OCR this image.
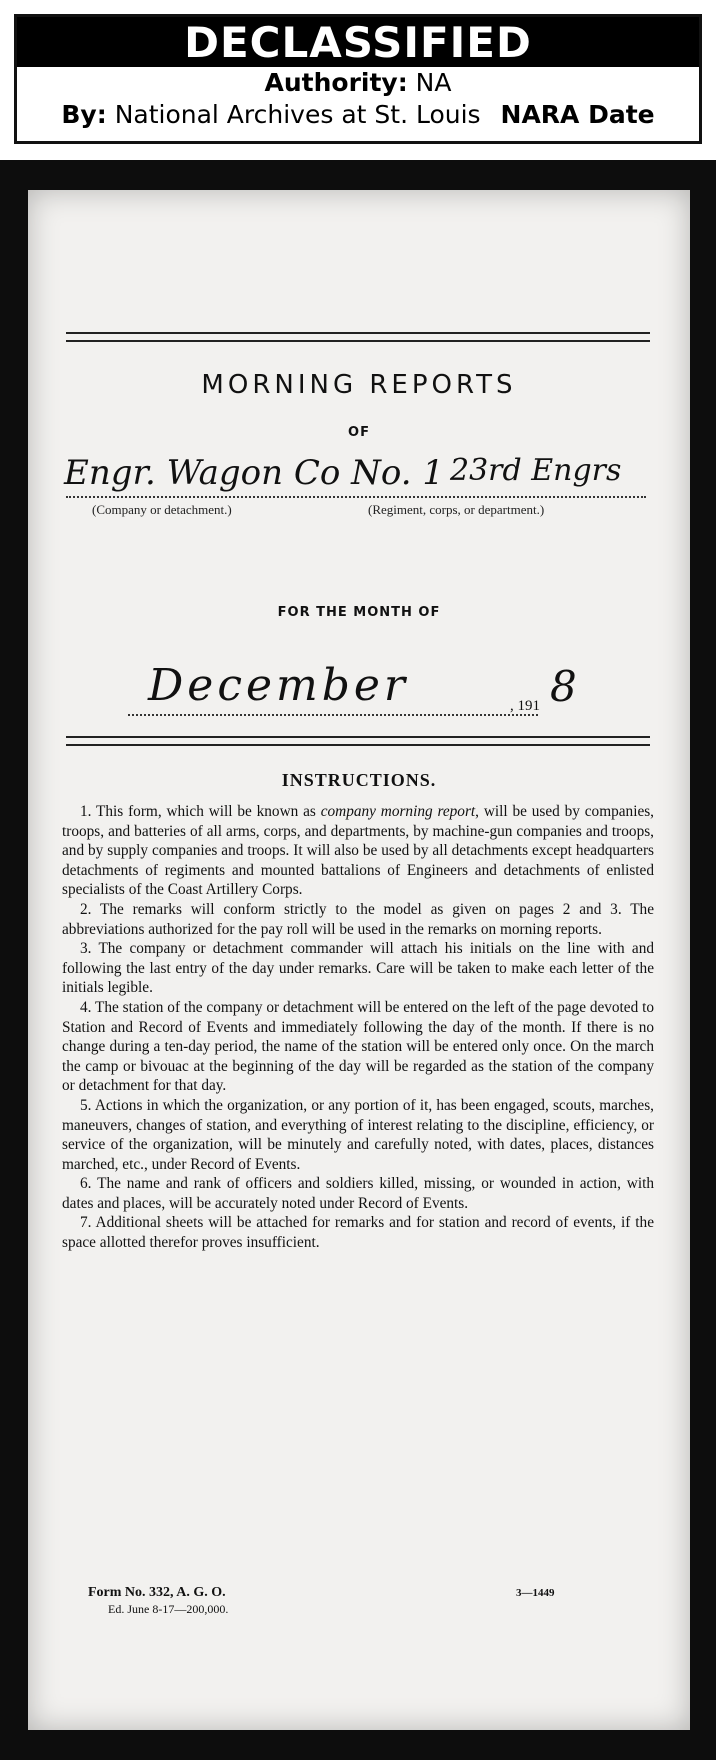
DECLASSIFIED
Authority: NA
By: National Archives at St. Louis NARA Date
MORNING REPORTS
OF
Engr. Wagon Co No. 1 23rd Engrs
(Company or detachment.)	(Regiment, corps, or department.)
FOR THE MONTH OF
December	, 191 8
INSTRUCTIONS.

1. This form, which will be known as company morning report, will be used by companies, troops, and batteries of all arms, corps, and departments, by machine-gun companies and troops, and by supply companies and troops. It will also be used by all detachments except headquarters detachments of regiments and mounted battalions of Engineers and detachments of enlisted specialists of the Coast Artillery Corps.

2. The remarks will conform strictly to the model as given on pages 2 and 3. The abbreviations authorized for the pay roll will be used in the remarks on morning reports.

3. The company or detachment commander will attach his initials on the line with and following the last entry of the day under remarks. Care will be taken to make each letter of the initials legible.

4. The station of the company or detachment will be entered on the left of the page devoted to Station and Record of Events and immediately following the day of the month. If there is no change during a ten-day period, the name of the station will be entered only once. On the march the camp or bivouac at the beginning of the day will be regarded as the station of the company or detachment for that day.

5. Actions in which the organization, or any portion of it, has been engaged, scouts, marches, maneuvers, changes of station, and everything of interest relating to the discipline, efficiency, or service of the organization, will be minutely and carefully noted, with dates, places, distances marched, etc., under Record of Events.

6. The name and rank of officers and soldiers killed, missing, or wounded in action, with dates and places, will be accurately noted under Record of Events.

7. Additional sheets will be attached for remarks and for station and record of events, if the space allotted therefor proves insufficient.

Form No. 332, A. G. O.
Ed. June 8-17—200,000.
3—1449
